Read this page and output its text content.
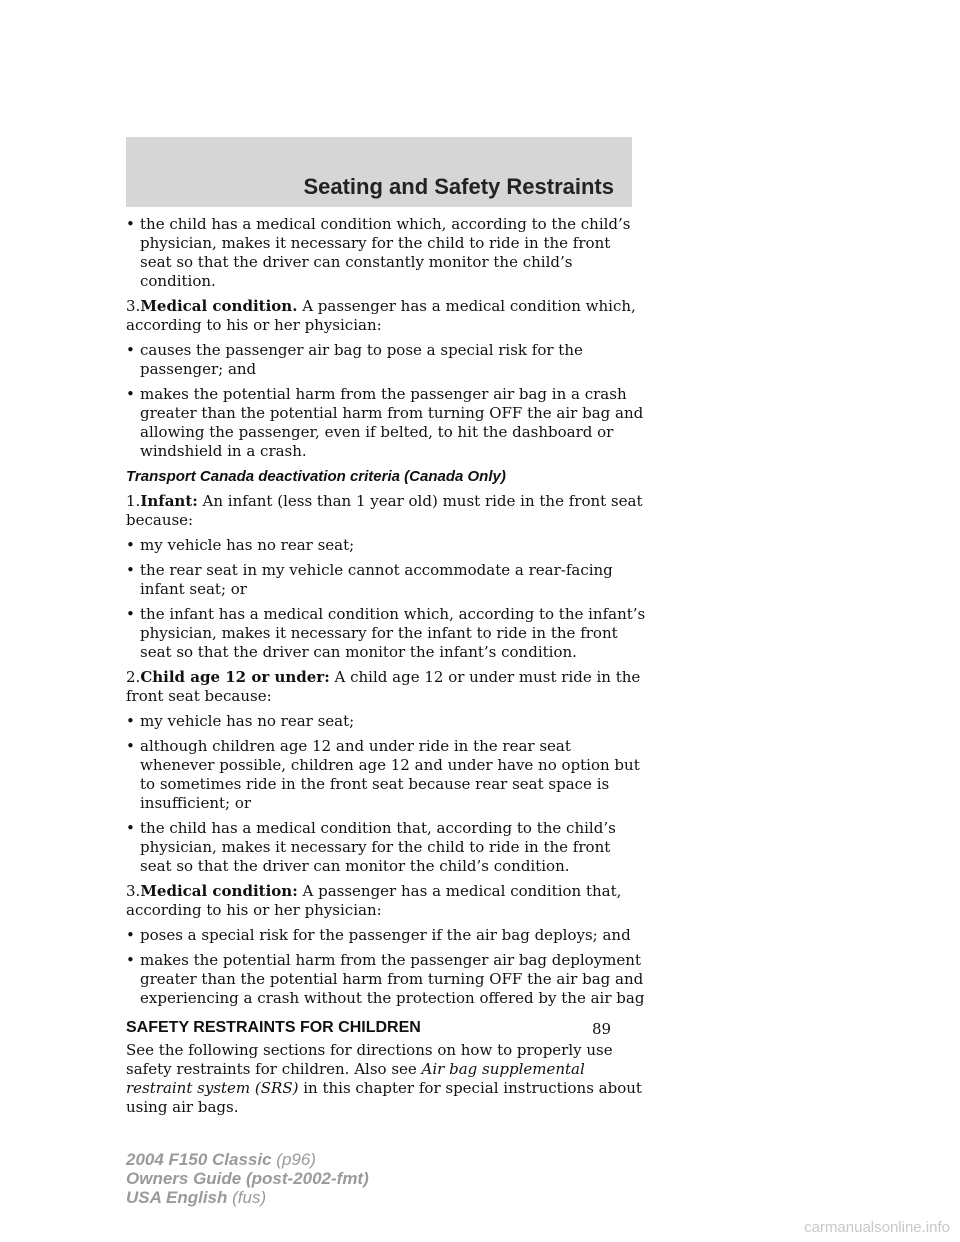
Seating and Safety Restraints
• the child has a medical condition which, according to the child’s physician, makes it necessary for the child to ride in the front seat so that the driver can constantly monitor the child’s condition.
3.Medical condition. A passenger has a medical condition which, according to his or her physician:
• causes the passenger air bag to pose a special risk for the passenger; and
• makes the potential harm from the passenger air bag in a crash greater than the potential harm from turning OFF the air bag and allowing the passenger, even if belted, to hit the dashboard or windshield in a crash.
Transport Canada deactivation criteria (Canada Only)
1.Infant: An infant (less than 1 year old) must ride in the front seat because:
• my vehicle has no rear seat;
• the rear seat in my vehicle cannot accommodate a rear-facing infant seat; or
• the infant has a medical condition which, according to the infant’s physician, makes it necessary for the infant to ride in the front seat so that the driver can monitor the infant’s condition.
2.Child age 12 or under: A child age 12 or under must ride in the front seat because:
• my vehicle has no rear seat;
• although children age 12 and under ride in the rear seat whenever possible, children age 12 and under have no option but to sometimes ride in the front seat because rear seat space is insufficient; or
• the child has a medical condition that, according to the child’s physician, makes it necessary for the child to ride in the front seat so that the driver can monitor the child’s condition.
3.Medical condition: A passenger has a medical condition that, according to his or her physician:
• poses a special risk for the passenger if the air bag deploys; and
• makes the potential harm from the passenger air bag deployment greater than the potential harm from turning OFF the air bag and experiencing a crash without the protection offered by the air bag
SAFETY RESTRAINTS FOR CHILDREN
See the following sections for directions on how to properly use safety restraints for children. Also see Air bag supplemental restraint system (SRS) in this chapter for special instructions about using air bags.
89
2004 F150 Classic (p96)
Owners Guide (post-2002-fmt)
USA English (fus)
carmanualsonline.info
